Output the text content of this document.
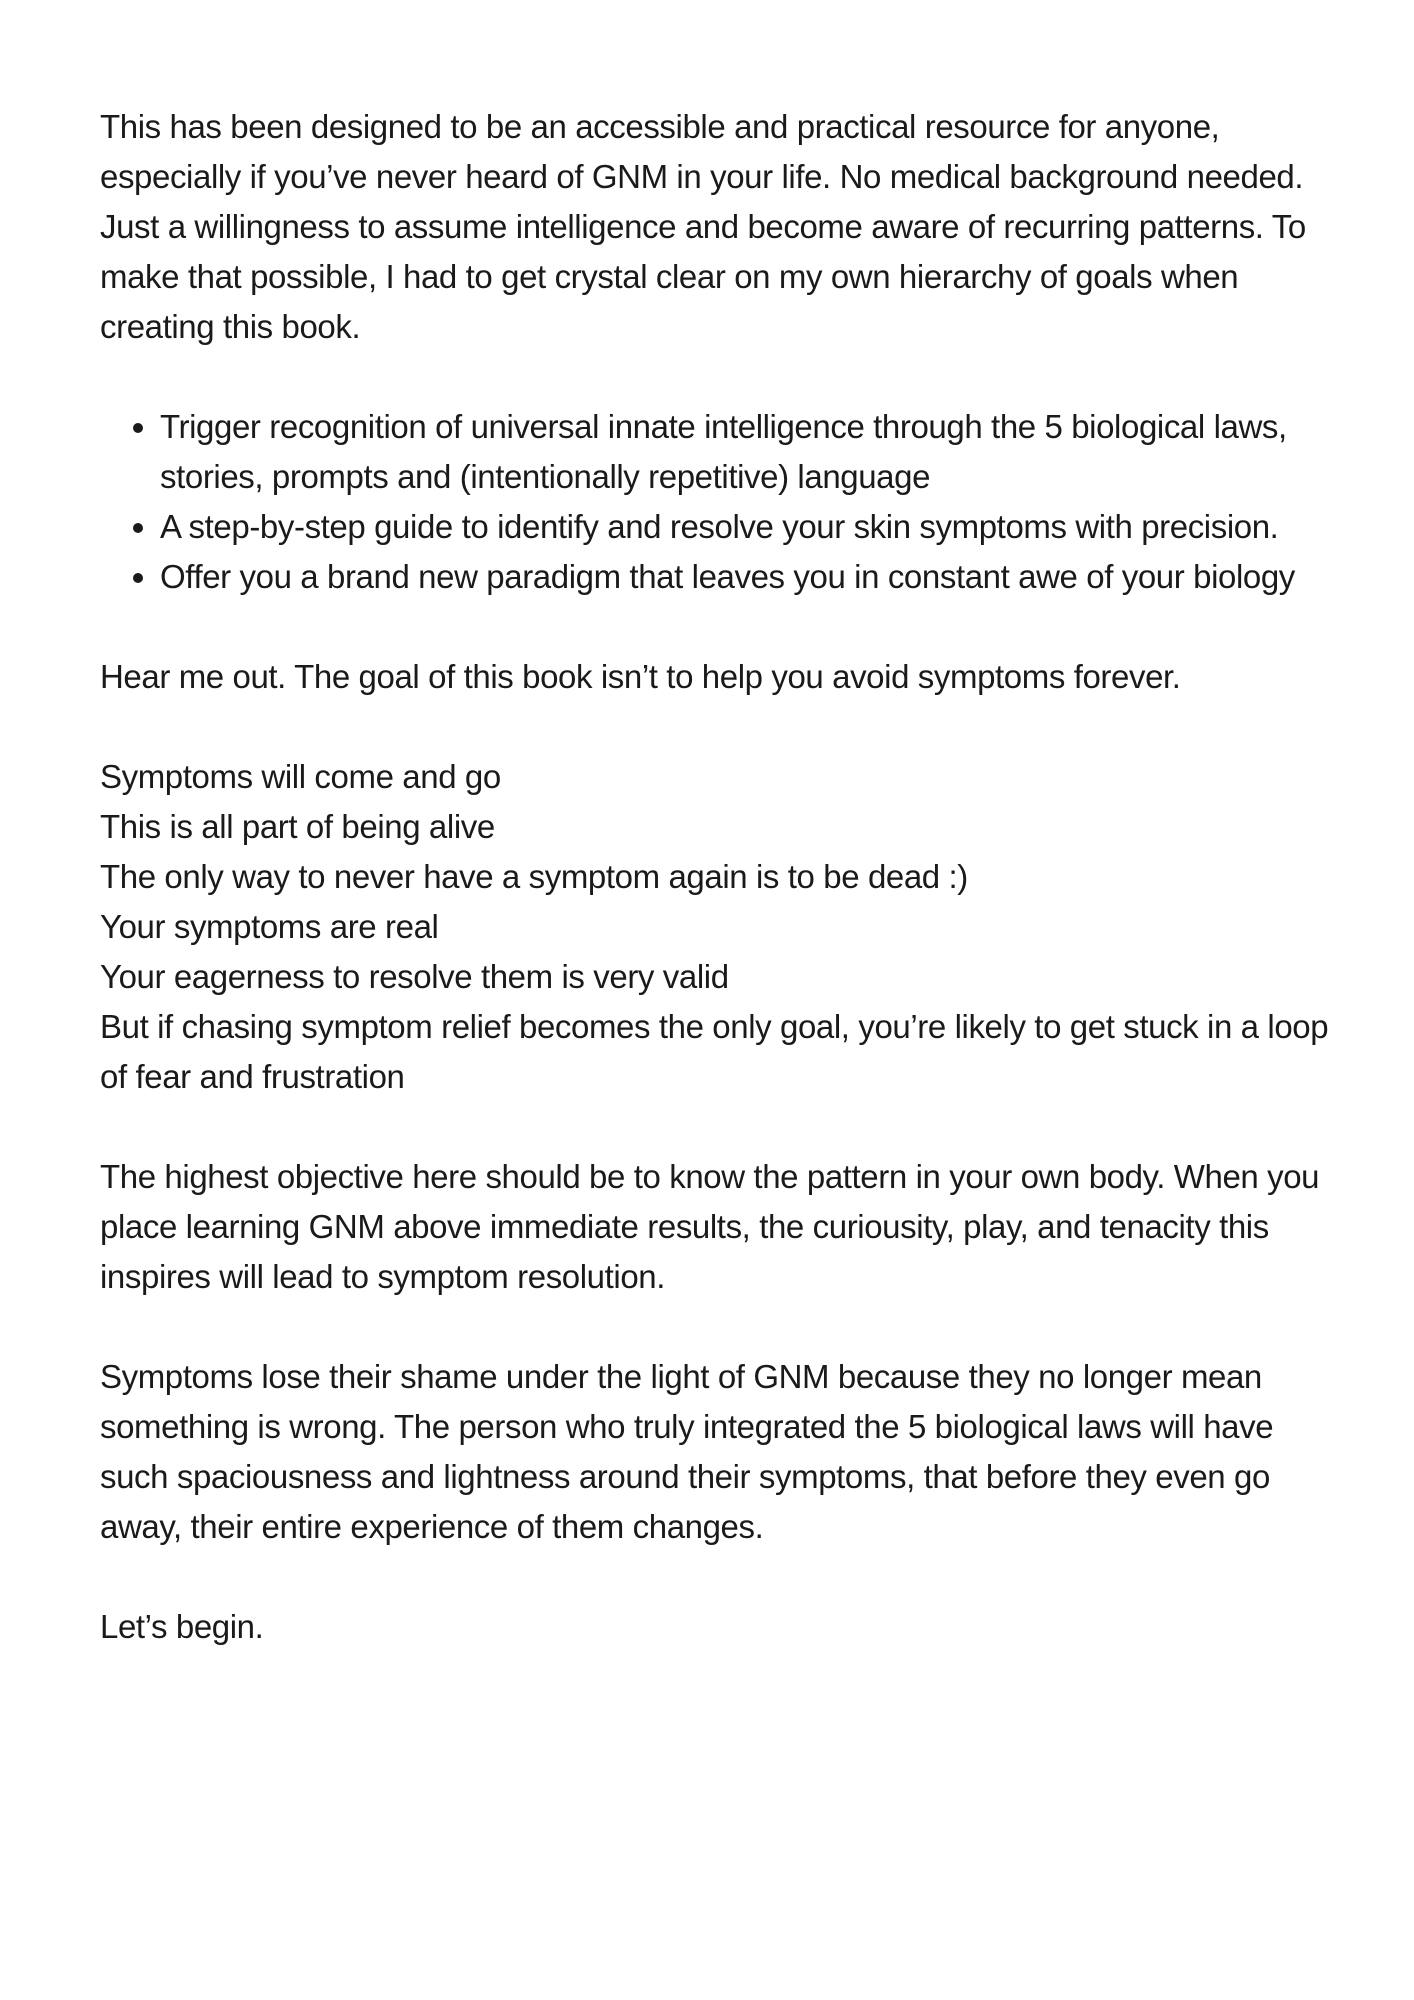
This has been designed to be an accessible and practical resource for anyone, especially if you’ve never heard of GNM in your life. No medical background needed. Just a willingness to assume intelligence and become aware of recurring patterns. To make that possible, I had to get crystal clear on my own hierarchy of goals when creating this book.

• Trigger recognition of universal innate intelligence through the 5 biological laws, stories, prompts and (intentionally repetitive) language
• A step-by-step guide to identify and resolve your skin symptoms with precision.
• Offer you a brand new paradigm that leaves you in constant awe of your biology

Hear me out. The goal of this book isn’t to help you avoid symptoms forever.

Symptoms will come and go
This is all part of being alive
The only way to never have a symptom again is to be dead :)
Your symptoms are real
Your eagerness to resolve them is very valid
But if chasing symptom relief becomes the only goal, you’re likely to get stuck in a loop of fear and frustration

The highest objective here should be to know the pattern in your own body. When you place learning GNM above immediate results, the curiousity, play, and tenacity this inspires will lead to symptom resolution.

Symptoms lose their shame under the light of GNM because they no longer mean something is wrong. The person who truly integrated the 5 biological laws will have such spaciousness and lightness around their symptoms, that before they even go away, their entire experience of them changes.

Let’s begin.
